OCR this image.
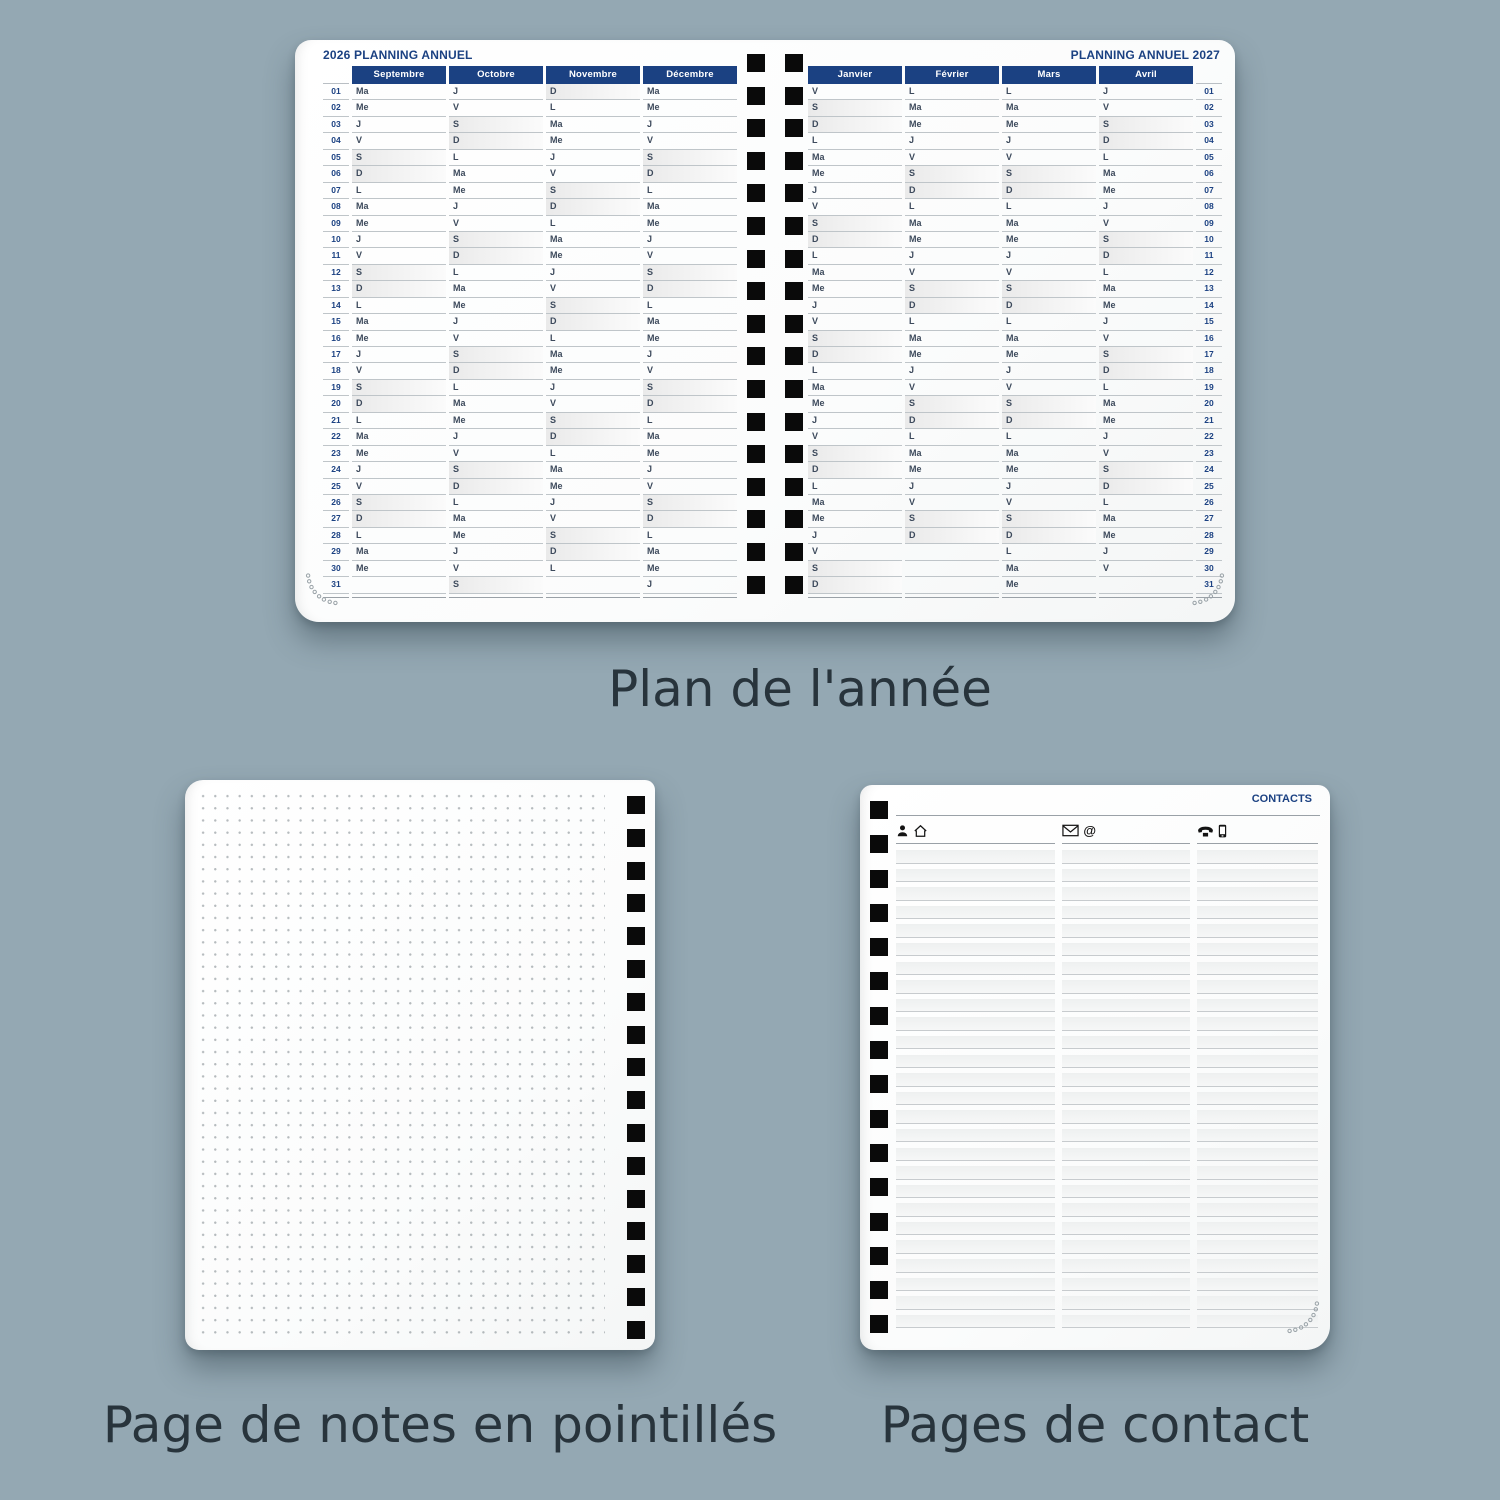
2026 PLANNING ANNUEL	PLANNING ANNUEL 2027
01
02
03
04
05
06
07
08
09
10
11
12
13
14
15
16
17
18
19
20
21
22
23
24
25
26
27
28
29
30
31
Septembre
Ma
Me
J
V
S
D
L
Ma
Me
J
V
S
D
L
Ma
Me
J
V
S
D
L
Ma
Me
J
V
S
D
L
Ma
Me
Octobre
J
V
S
D
L
Ma
Me
J
V
S
D
L
Ma
Me
J
V
S
D
L
Ma
Me
J
V
S
D
L
Ma
Me
J
V
S
Novembre
D
L
Ma
Me
J
V
S
D
L
Ma
Me
J
V
S
D
L
Ma
Me
J
V
S
D
L
Ma
Me
J
V
S
D
L
Décembre
Ma
Me
J
V
S
D
L
Ma
Me
J
V
S
D
L
Ma
Me
J
V
S
D
L
Ma
Me
J
V
S
D
L
Ma
Me
J
Janvier
V
S
D
L
Ma
Me
J
V
S
D
L
Ma
Me
J
V
S
D
L
Ma
Me
J
V
S
D
L
Ma
Me
J
V
S
D
Février
L
Ma
Me
J
V
S
D
L
Ma
Me
J
V
S
D
L
Ma
Me
J
V
S
D
L
Ma
Me
J
V
S
D
Mars
L
Ma
Me
J
V
S
D
L
Ma
Me
J
V
S
D
L
Ma
Me
J
V
S
D
L
Ma
Me
J
V
S
D
L
Ma
Me
Avril
J
V
S
D
L
Ma
Me
J
V
S
D
L
Ma
Me
J
V
S
D
L
Ma
Me
J
V
S
D
L
Ma
Me
J
V
01
02
03
04
05
06
07
08
09
10
11
12
13
14
15
16
17
18
19
20
21
22
23
24
25
26
27
28
29
30
31
Plan de l'année
CONTACTS
@
Page de notes en pointillés	Pages de contact
